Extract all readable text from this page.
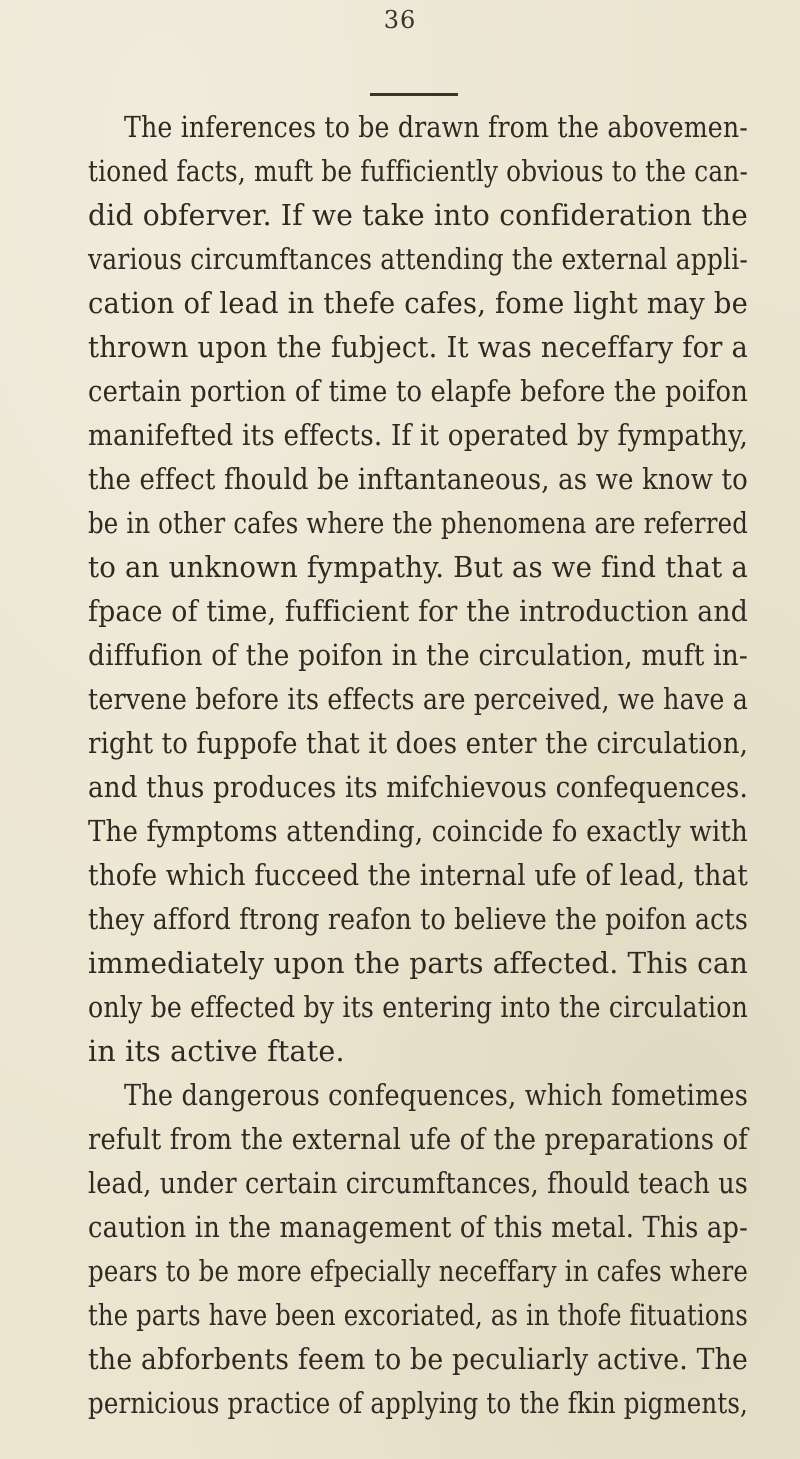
36
The inferences to be drawn from the abovemen-
tioned facts, muft be fufficiently obvious to the can-
did obferver. If we take into confideration the
various circumftances attending the external appli-
cation of lead in thefe cafes, fome light may be
thrown upon the fubject. It was neceffary for a
certain portion of time to elapfe before the poifon
manifefted its effects. If it operated by fympathy,
the effect fhould be inftantaneous, as we know to
be in other cafes where the phenomena are referred
to an unknown fympathy. But as we find that a
fpace of time, fufficient for the introduction and
diffufion of the poifon in the circulation, muft in-
tervene before its effects are perceived, we have a
right to fuppofe that it does enter the circulation,
and thus produces its mifchievous confequences.
The fymptoms attending, coincide fo exactly with
thofe which fucceed the internal ufe of lead, that
they afford ftrong reafon to believe the poifon acts
immediately upon the parts affected. This can
only be effected by its entering into the circulation
in its active ftate.
The dangerous confequences, which fometimes
refult from the external ufe of the preparations of
lead, under certain circumftances, fhould teach us
caution in the management of this metal. This ap-
pears to be more efpecially neceffary in cafes where
the parts have been excoriated, as in thofe fituations
the abforbents feem to be peculiarly active. The
pernicious practice of applying to the fkin pigments,
